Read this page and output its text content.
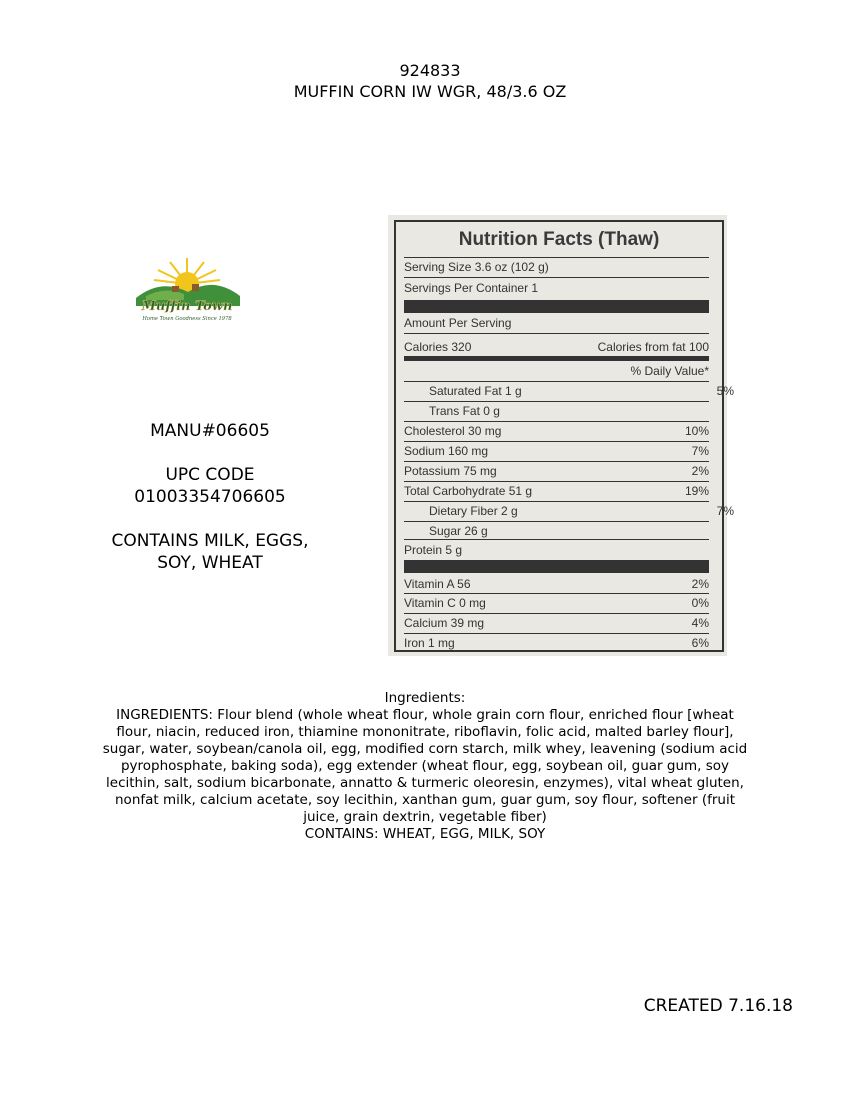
924833
MUFFIN CORN IW WGR, 48/3.6 OZ
Muffin Town
Home Town Goodness Since 1978
MANU#06605
UPC CODE
01003354706605
CONTAINS MILK, EGGS,
SOY, WHEAT
Nutrition Facts (Thaw)
Serving Size 3.6 oz (102 g)
Servings Per Container 1
Amount Per Serving
Calories 320	Calories from fat 100
% Daily Value*
Saturated Fat 1 g	5%
Trans Fat 0 g
Cholesterol 30 mg	10%
Sodium 160 mg	7%
Potassium 75 mg	2%
Total Carbohydrate 51 g	19%
Dietary Fiber 2 g	7%
Sugar 26 g
Protein 5 g
Vitamin A 56	2%
Vitamin C 0 mg	0%
Calcium 39 mg	4%
Iron 1 mg	6%
Ingredients:
INGREDIENTS: Flour blend (whole wheat flour, whole grain corn flour, enriched flour [wheat flour, niacin, reduced iron, thiamine mononitrate, riboflavin, folic acid, malted barley flour], sugar, water, soybean/canola oil, egg, modified corn starch, milk whey, leavening (sodium acid pyrophosphate, baking soda), egg extender (wheat flour, egg, soybean oil, guar gum, soy lecithin, salt, sodium bicarbonate, annatto & turmeric oleoresin, enzymes), vital wheat gluten, nonfat milk, calcium acetate, soy lecithin, xanthan gum, guar gum, soy flour, softener (fruit juice, grain dextrin, vegetable fiber)
CONTAINS: WHEAT, EGG, MILK, SOY
CREATED 7.16.18
